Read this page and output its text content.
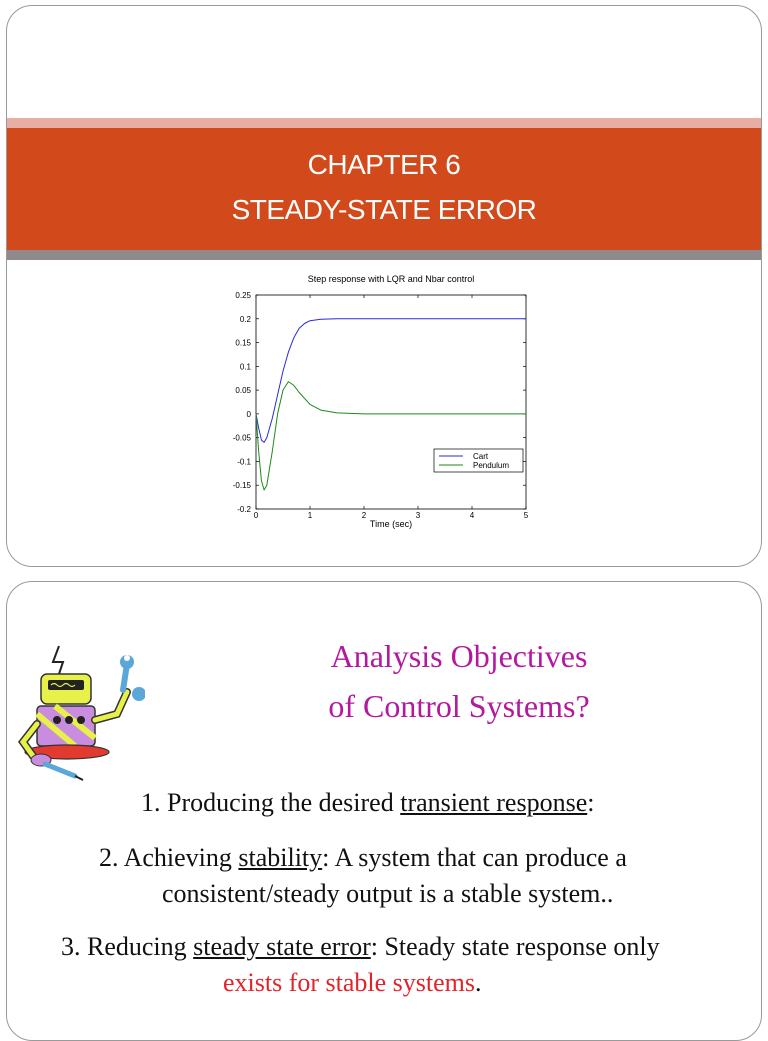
CHAPTER 6
STEADY-STATE ERROR
Step response with LQR and Nbar control
0.25
0.2
0.15
0.1
0.05
0
-0.05
-0.1
-0.15
-0.2
0	1	2	3	4	5
Time (sec)
Cart
Pendulum
Analysis Objectives
of Control Systems?
1. Producing the desired transient response:
2. Achieving stability: A system that can produce a
consistent/steady output is a stable system..
3. Reducing steady state error: Steady state response only
exists for stable systems.
